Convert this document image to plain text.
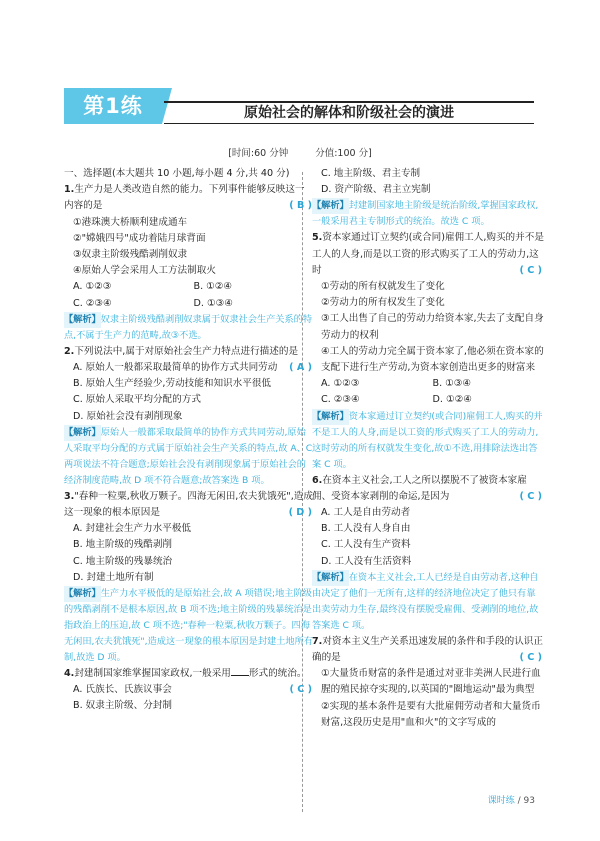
第1练	原始社会的解体和阶级社会的演进
[时间:60 分钟	分值:100 分]
一、选择题(本大题共 10 小题,每小题 4 分,共 40 分)
1.生产力是人类改造自然的能力。下列事件能够反映这一内容的是	( B )
①港珠澳大桥顺利建成通车
②"嫦娥四号"成功着陆月球背面
③奴隶主阶级残酷剥削奴隶
④原始人学会采用人工方法制取火
A. ①②③	B. ①②④
C. ②③④	D. ①③④
【解析】奴隶主阶级残酷剥削奴隶属于奴隶社会生产关系的特点,不属于生产力的范畴,故③不选。
2.下列说法中,属于对原始社会生产力特点进行描述的是
( A )
A. 原始人一般都采取最简单的协作方式共同劳动
B. 原始人生产经验少,劳动技能和知识水平很低
C. 原始人采取平均分配的方式
D. 原始社会没有剥削现象
【解析】原始人一般都采取最简单的协作方式共同劳动,原始人采取平均分配的方式属于原始社会生产关系的特点,故 A、C 两项说法不符合题意;原始社会没有剥削现象属于原始社会的经济制度范畴,故 D 项不符合题意;故答案选 B 项。
3."春种一粒粟,秋收万颗子。四海无闲田,农夫犹饿死",造成这一现象的根本原因是	( D )
A. 封建社会生产力水平极低
B. 地主阶级的残酷剥削
C. 地主阶级的残暴统治
D. 封建土地所有制
【解析】生产力水平极低的是原始社会,故 A 项错误;地主阶级的残酷剥削不是根本原因,故 B 项不选;地主阶级的残暴统治是指政治上的压迫,故 C 项不选;"春种一粒粟,秋收万颗子。四海无闲田,农夫犹饿死",造成这一现象的根本原因是封建土地所有制,故选 D 项。
4.封建制国家维掌握国家政权,一般采用 形式的统治。
( C )
A. 氏族长、氏族议事会
B. 奴隶主阶级、分封制
C. 地主阶级、君主专制
D. 资产阶级、君主立宪制
【解析】封建制国家地主阶级是统治阶级,掌握国家政权,一般采用君主专制形式的统治。故选 C 项。
5.资本家通过订立契约(或合同)雇佣工人,购买的并不是工人的人身,而是以工资的形式购买了工人的劳动力,这时	( C )
①劳动的所有权就发生了变化
②劳动力的所有权发生了变化
③工人出售了自己的劳动力给资本家,失去了支配自身劳动力的权利
④工人的劳动力完全属于资本家了,他必须在资本家的支配下进行生产劳动,为资本家创造出更多的财富来
A. ①②③	B. ①③④
C. ②③④	D. ①②④
【解析】资本家通过订立契约(或合同)雇佣工人,购买的并不是工人的人身,而是以工资的形式购买了工人的劳动力,这时劳动的所有权就发生变化,故①不选,用排除法选出答案 C 项。
6.在资本主义社会,工人之所以摆脱不了被资本家雇佣、受资本家剥削的命运,是因为	( C )
A. 工人是自由劳动者
B. 工人没有人身自由
C. 工人没有生产资料
D. 工人没有生活资料
【解析】在资本主义社会,工人已经是自由劳动者,这种自由决定了他们一无所有,这样的经济地位决定了他只有靠出卖劳动力生存,最终没有摆脱受雇佣、受剥削的地位,故答案选 C 项。
7.对资本主义生产关系迅速发展的条件和手段的认识正确的是	( C )
①大量货币财富的条件是通过对亚非美洲人民进行血腥的殖民掠夺实现的,以英国的"圈地运动"最为典型
②实现的基本条件是要有大批雇佣劳动者和大量货币财富,这段历史是用"血和火"的文字写成的
课时练 / 93
